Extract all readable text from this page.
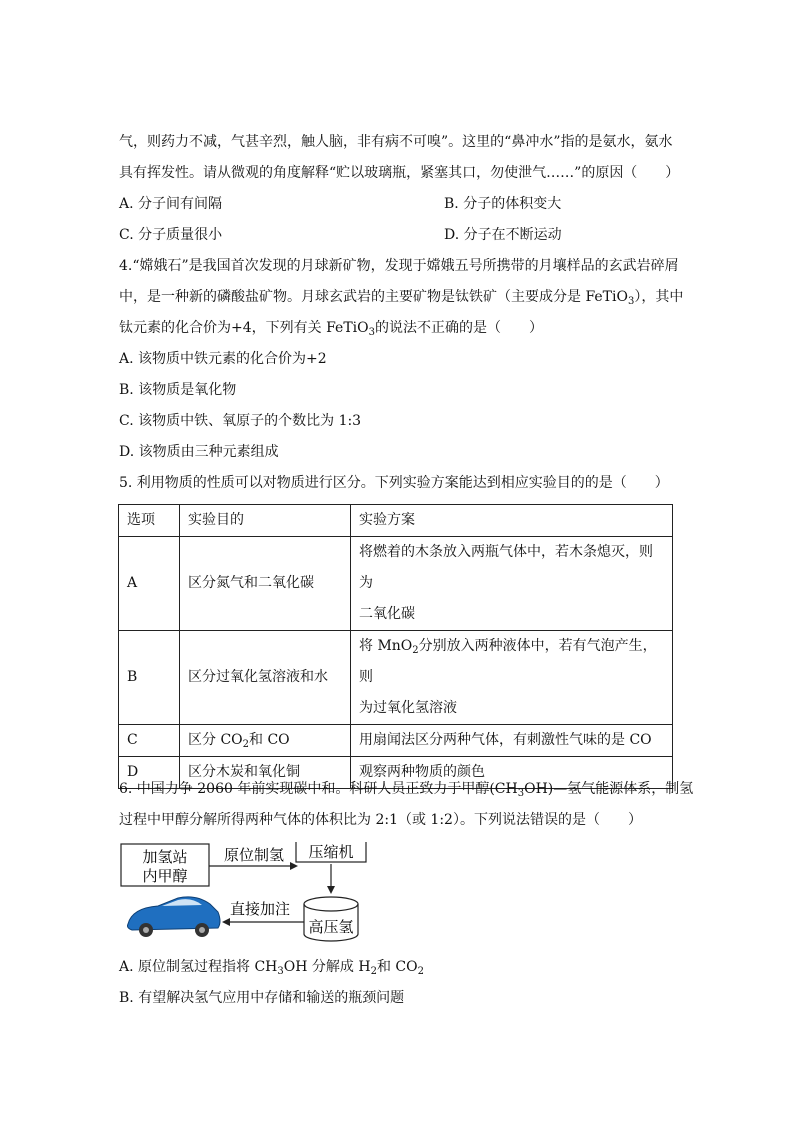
气，则药力不减，气甚辛烈，触人脑，非有病不可嗅”。这里的“鼻冲水”指的是氨水，氨水
具有挥发性。请从微观的角度解释“贮以玻璃瓶，紧塞其口，勿使泄气……”的原因（　　）
A. 分子间有间隔	B. 分子的体积变大
C. 分子质量很小	D. 分子在不断运动
4.“嫦娥石”是我国首次发现的月球新矿物，发现于嫦娥五号所携带的月壤样品的玄武岩碎屑
中，是一种新的磷酸盐矿物。月球玄武岩的主要矿物是钛铁矿（主要成分是 FeTiO$_3$），其中
钛元素的化合价为+4，下列有关 FeTiO$_3$的说法不正确的是（　　）
A. 该物质中铁元素的化合价为+2
B. 该物质是氧化物
C. 该物质中铁、氧原子的个数比为 1:3
D. 该物质由三种元素组成
5. 利用物质的性质可以对物质进行区分。下列实验方案能达到相应实验目的的是（　　）
选项	实验目的	实验方案
A	区分氮气和二氧化碳	将燃着的木条放入两瓶气体中，若木条熄灭，则为
二氧化碳

B	区分过氧化氢溶液和水	将 MnO$_2$分别放入两种液体中，若有气泡产生，则
为过氧化氢溶液

C	区分 $CO_2$和 CO	用扇闻法区分两种气体，有刺激性气味的是 CO
D	区分木炭和氧化铜	观察两种物质的颜色
6. 中国力争 2060 年前实现碳中和。科研人员正致力于甲醇$(CH_3OH)—$氢气能源体系，制氢
过程中甲醇分解所得两种气体的体积比为 2:1（或 1:2）。下列说法错误的是（　　）
加氢站
内甲醇
原位制氢 压缩机
高压氢
直接加注
A. 原位制氢过程指将 $CH_3OH$ 分解成 $H_2$和 $CO_2$
B. 有望解决氢气应用中存储和输送的瓶颈问题
